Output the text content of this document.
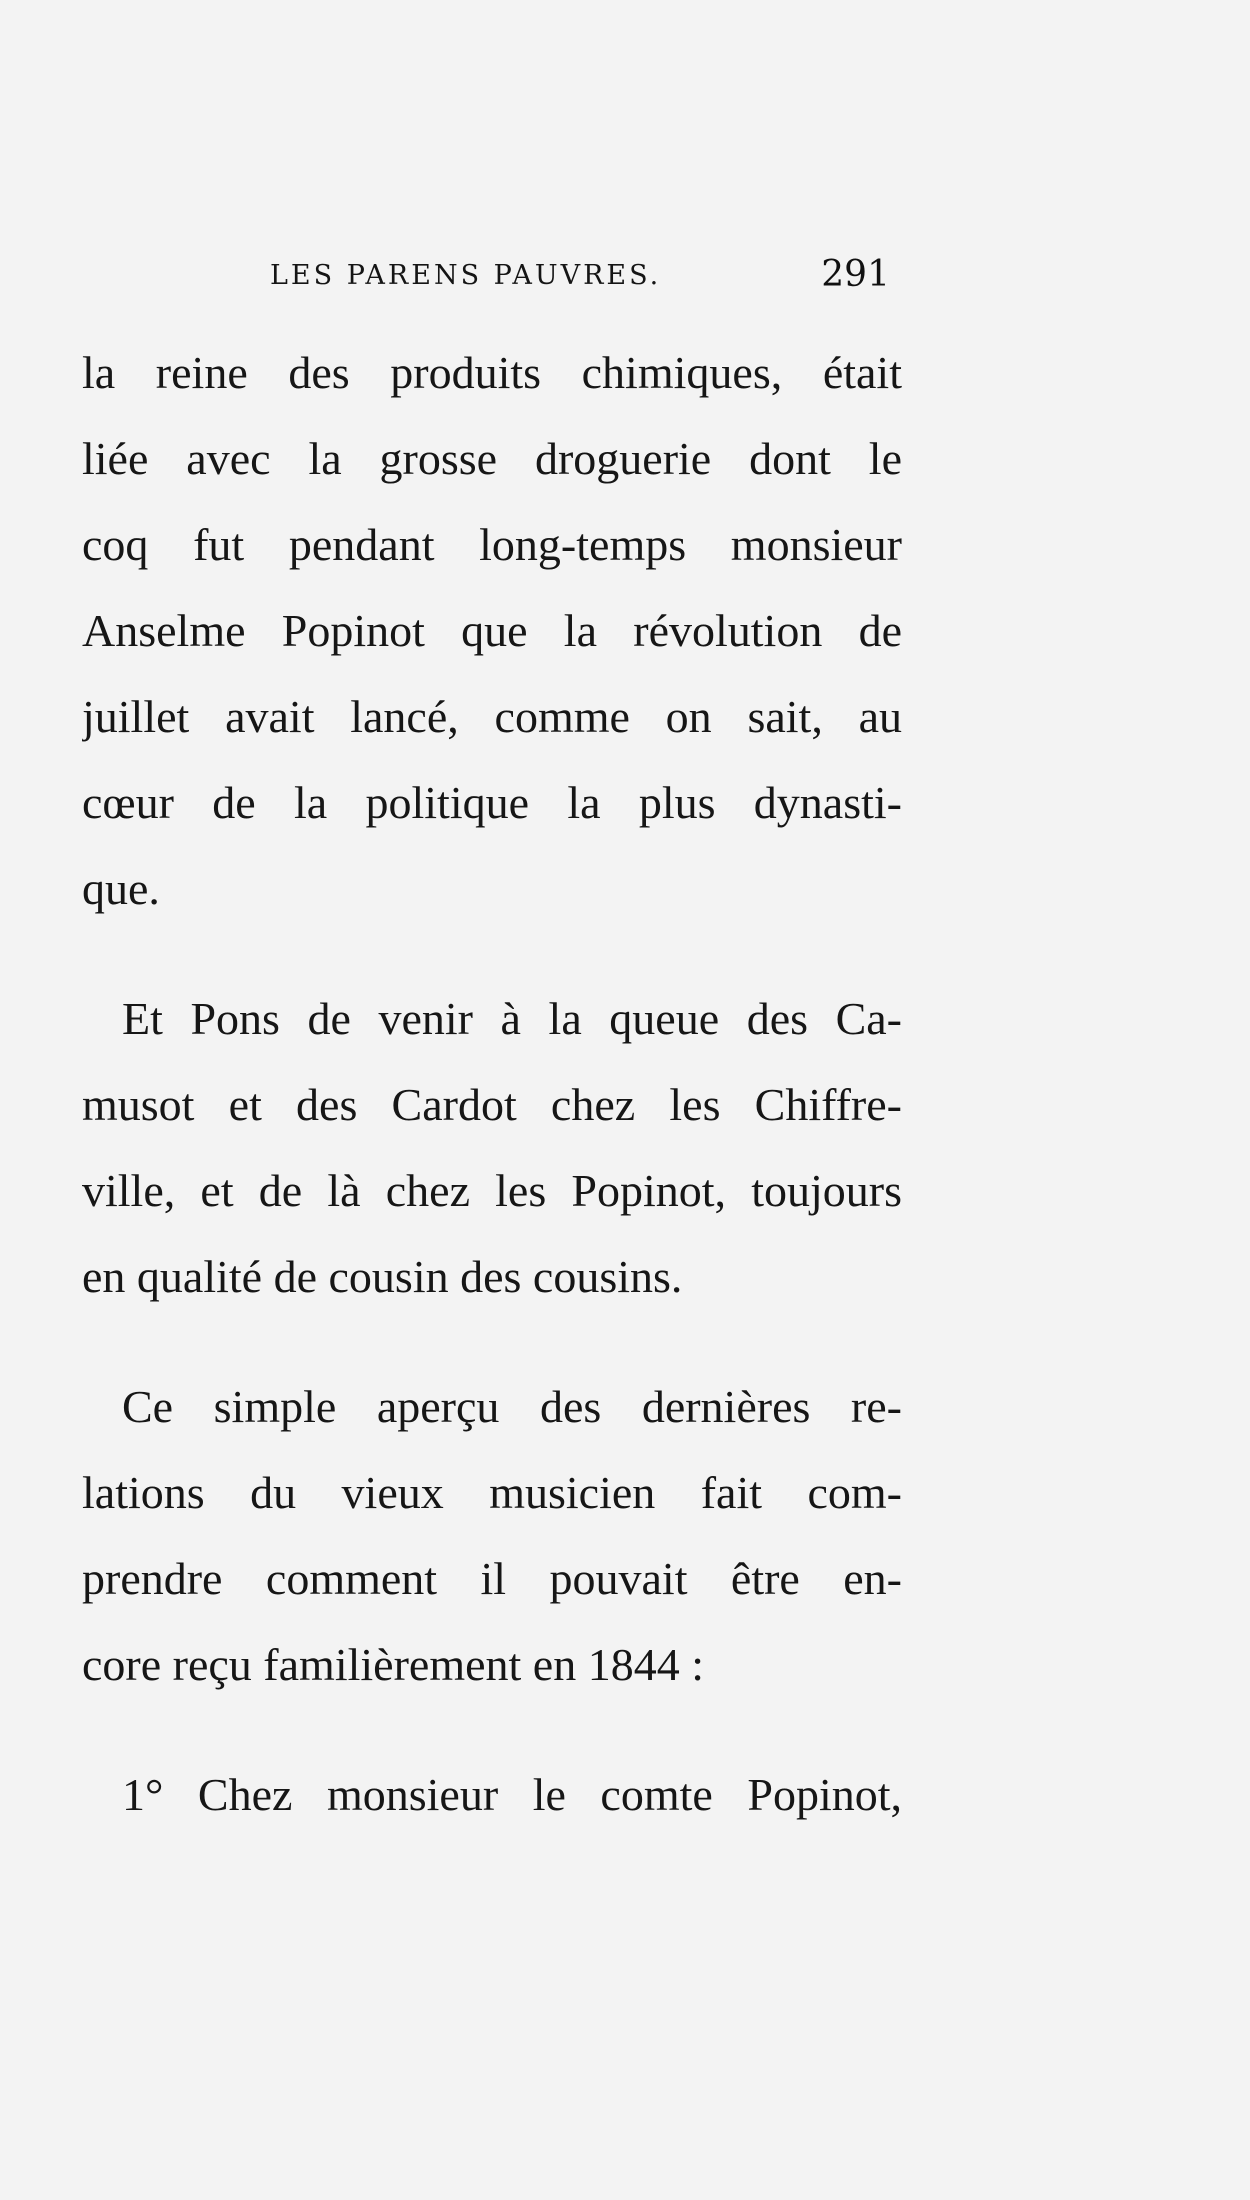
LES PARENS PAUVRES.	291
la reine des produits chimiques, était
liée avec la grosse droguerie dont le
coq fut pendant long-temps monsieur
Anselme Popinot que la révolution de
juillet avait lancé, comme on sait, au
cœur de la politique la plus dynasti-
que.
Et Pons de venir à la queue des Ca-
musot et des Cardot chez les Chiffre-
ville, et de là chez les Popinot, toujours
en qualité de cousin des cousins.
Ce simple aperçu des dernières re-
lations du vieux musicien fait com-
prendre comment il pouvait être en-
core reçu familièrement en 1844 :
1° Chez monsieur le comte Popinot,
